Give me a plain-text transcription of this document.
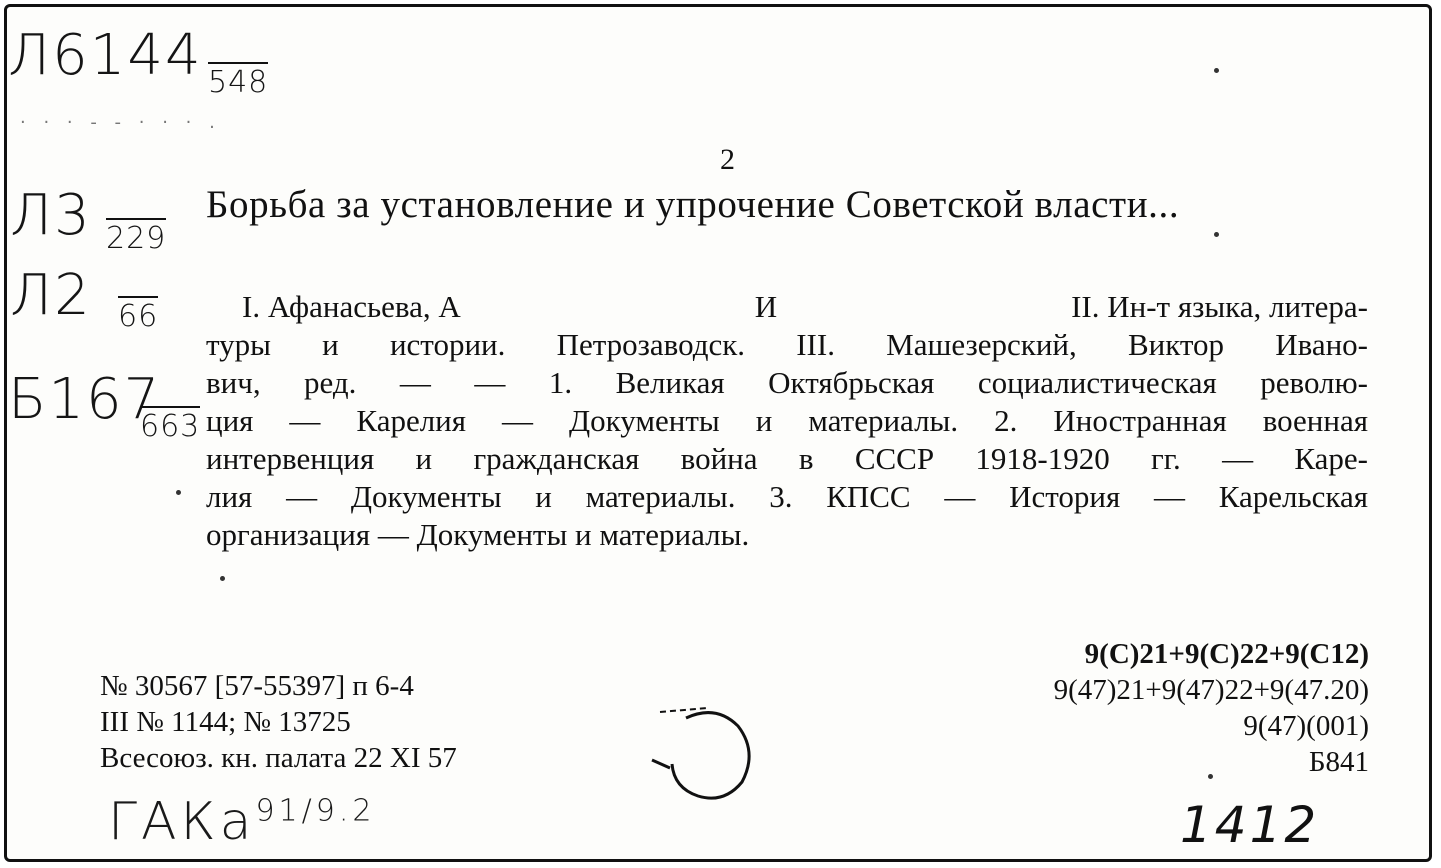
Л6144 548
· · · - - · · · .
Л3 229
Л2 66
Б167
663
2
Борьба за установление и упрочение Советской власти...
I. Афанасьева, А	И	II. Ин-т языка, литера-
туры и истории. Петрозаводск. III. Машезерский, Виктор Ивано-
вич, ред. — — 1. Великая Октябрьская социалистическая револю-
ция — Карелия — Документы и материалы. 2. Иностранная военная
интервенция и гражданская война в СССР 1918-1920 гг. — Каре-
лия — Документы и материалы. 3. КПСС — История — Карельская
организация — Документы и материалы.
№ 30567 [57-55397] п 6-4
III № 1144; № 13725
Всесоюз. кн. палата 22 XI 57
9(С)21+9(С)22+9(С12)
9(47)21+9(47)22+9(47.20)
9(47)(001)
Б841
ГАКа$^{91/9.2}$	1412
